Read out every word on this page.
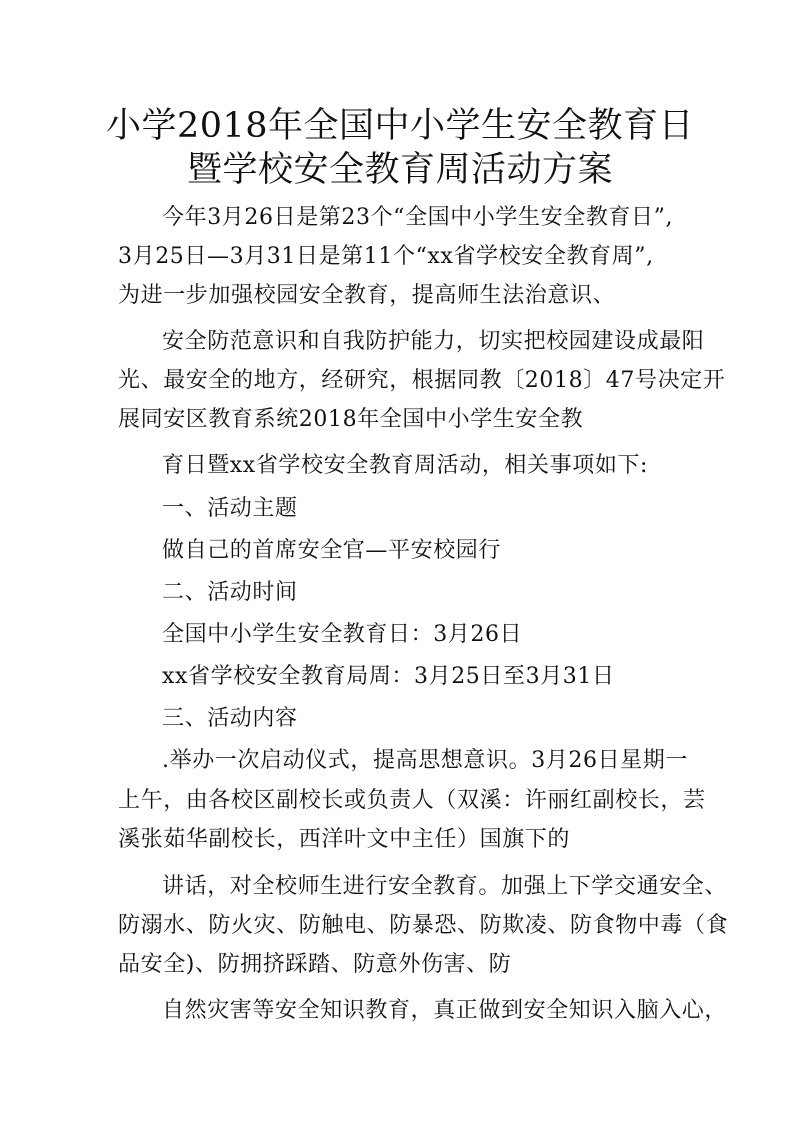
小学2018年全国中小学生安全教育日
暨学校安全教育周活动方案

今年3月26日是第23个“全国中小学生安全教育日”,

3月25日—3月31日是第11个“xx省学校安全教育周”,

为进一步加强校园安全教育，提高师生法治意识、

安全防范意识和自我防护能力，切实把校园建设成最阳

光、最安全的地方，经研究，根据同教〔2018〕47号决定开

展同安区教育系统2018年全国中小学生安全教

育日暨xx省学校安全教育周活动，相关事项如下:

一、活动主题

做自己的首席安全官—平安校园行

二、活动时间

全国中小学生安全教育日：3月26日

xx省学校安全教育局周：3月25日至3月31日

三、活动内容

.举办一次启动仪式，提高思想意识。3月26日星期一

上午，由各校区副校长或负责人（双溪：许丽红副校长，芸

溪张茹华副校长，西洋叶文中主任）国旗下的

讲话，对全校师生进行安全教育。加强上下学交通安全、

防溺水、防火灾、防触电、防暴恐、防欺凌、防食物中毒（食

品安全)、防拥挤踩踏、防意外伤害、防

自然灾害等安全知识教育，真正做到安全知识入脑入心，
